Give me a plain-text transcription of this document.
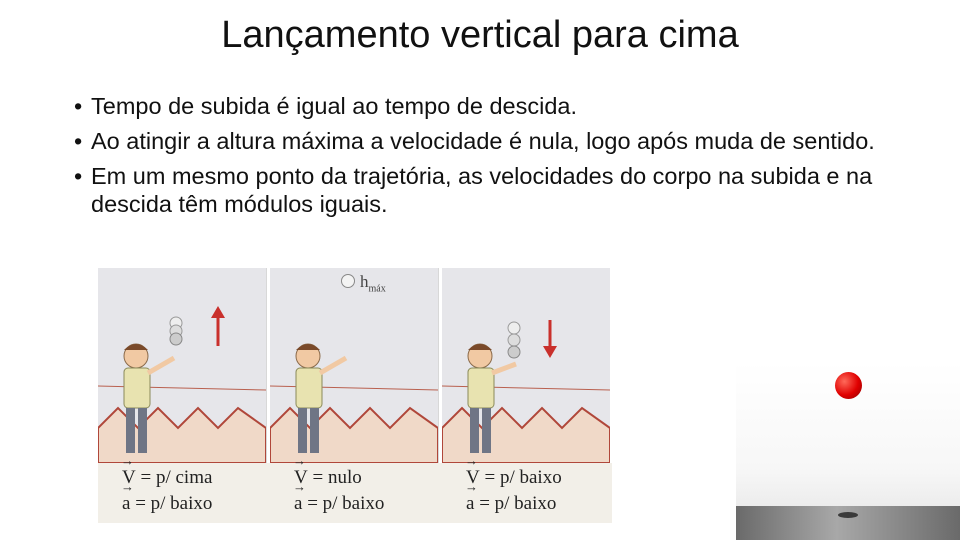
Lançamento vertical para cima
• Tempo de subida é igual ao tempo de descida.
• Ao atingir a altura máxima a velocidade é nula, logo após muda de sentido.
• Em um mesmo ponto da trajetória, as velocidades do corpo na subida e na descida têm módulos iguais.
$h_{máx}$
→ V = p/ cima
→ a = p/ baixo
→ V = nulo
→ a = p/ baixo
→ V = p/ baixo
→ a = p/ baixo
